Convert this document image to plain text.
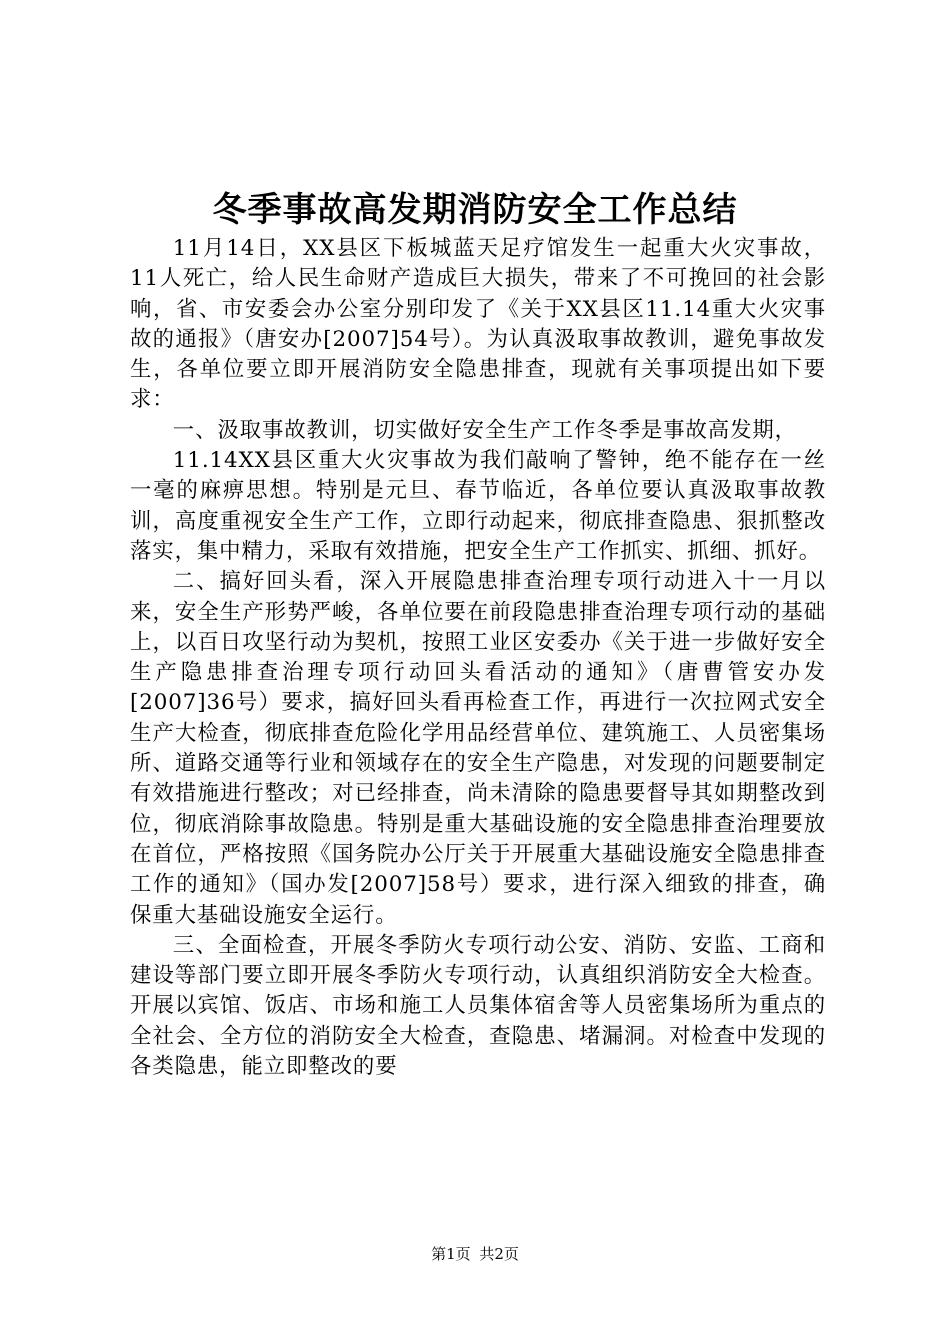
冬季事故高发期消防安全工作总结

11月14日，XX县区下板城蓝天足疗馆发生一起重大火灾事故，11人死亡，给人民生命财产造成巨大损失，带来了不可挽回的社会影响，省、市安委会办公室分别印发了《关于XX县区11.14重大火灾事故的通报》（唐安办[2007]54号）。为认真汲取事故教训，避免事故发生，各单位要立即开展消防安全隐患排查，现就有关事项提出如下要求：

一、汲取事故教训，切实做好安全生产工作冬季是事故高发期，

11.14XX县区重大火灾事故为我们敲响了警钟，绝不能存在一丝一毫的麻痹思想。特别是元旦、春节临近，各单位要认真汲取事故教训，高度重视安全生产工作，立即行动起来，彻底排查隐患、狠抓整改落实，集中精力，采取有效措施，把安全生产工作抓实、抓细、抓好。

二、搞好回头看，深入开展隐患排查治理专项行动进入十一月以来，安全生产形势严峻，各单位要在前段隐患排查治理专项行动的基础上，以百日攻坚行动为契机，按照工业区安委办《关于进一步做好安全生产隐患排查治理专项行动回头看活动的通知》（唐曹管安办发[2007]36号）要求，搞好回头看再检查工作，再进行一次拉网式安全生产大检查，彻底排查危险化学用品经营单位、建筑施工、人员密集场所、道路交通等行业和领域存在的安全生产隐患，对发现的问题要制定有效措施进行整改；对已经排查，尚未清除的隐患要督导其如期整改到位，彻底消除事故隐患。特别是重大基础设施的安全隐患排查治理要放在首位，严格按照《国务院办公厅关于开展重大基础设施安全隐患排查工作的通知》（国办发[2007]58号）要求，进行深入细致的排查，确保重大基础设施安全运行。

三、全面检查，开展冬季防火专项行动公安、消防、安监、工商和建设等部门要立即开展冬季防火专项行动，认真组织消防安全大检查。开展以宾馆、饭店、市场和施工人员集体宿舍等人员密集场所为重点的全社会、全方位的消防安全大检查，查隐患、堵漏洞。对检查中发现的各类隐患，能立即整改的要

第1页 共2页
